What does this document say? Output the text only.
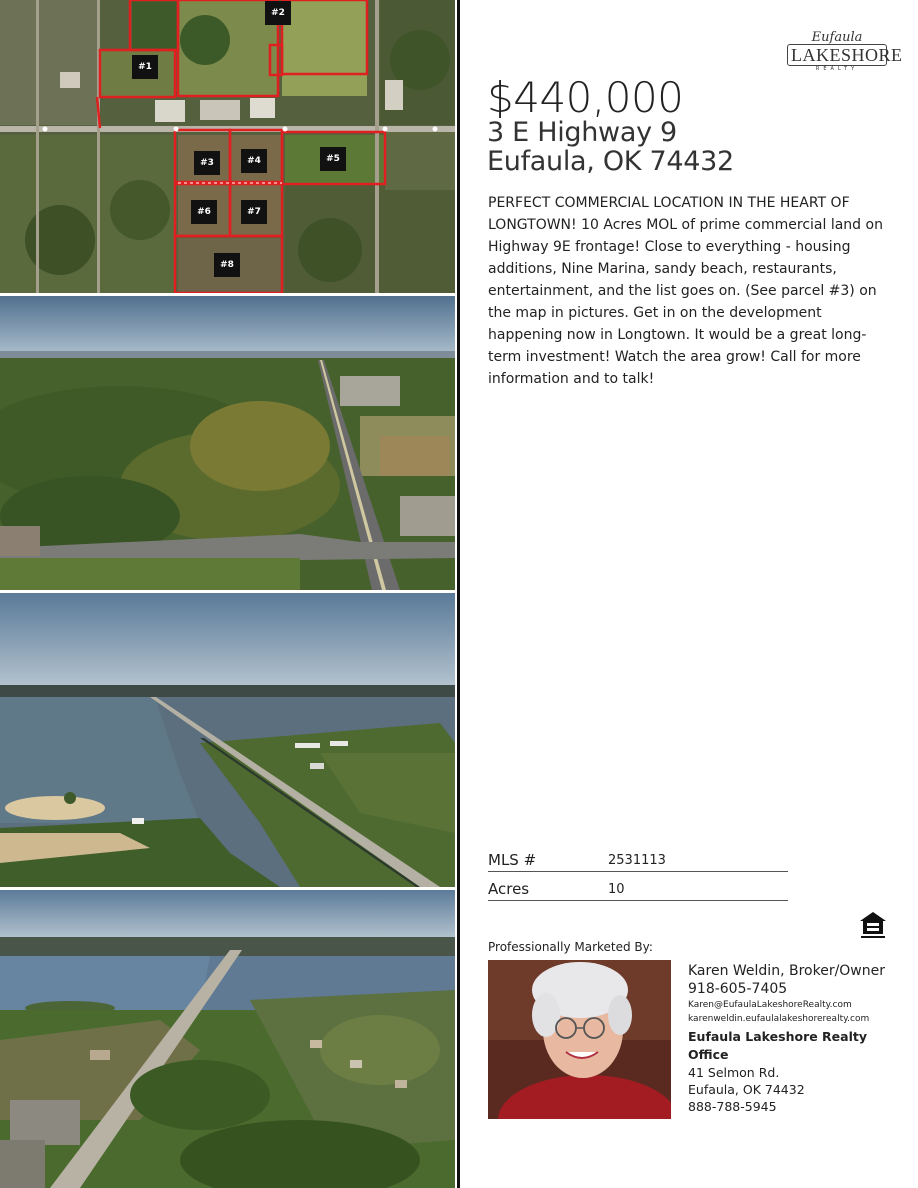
#1
#2
#3	#4	#5
#6	#7
#8
Eufaula
LAKESHORE
REALTY
$440,000
3 E Highway 9
Eufaula, OK 74432
PERFECT COMMERCIAL LOCATION IN THE HEART OF LONGTOWN! 10 Acres MOL of prime commercial land on Highway 9E frontage! Close to everything - housing additions, Nine Marina, sandy beach, restaurants, entertainment, and the list goes on. (See parcel #3) on the map in pictures. Get in on the development happening now in Longtown. It would be a great long-term investment! Watch the area grow! Call for more information and to talk!
MLS #	2531113
Acres	10
Professionally Marketed By:
Karen Weldin, Broker/Owner
918-605-7405
Karen@EufaulaLakeshoreRealty.com
karenweldin.eufaulalakeshorerealty.com
Eufaula Lakeshore Realty Office
41 Selmon Rd.
Eufaula, OK 74432
888-788-5945
